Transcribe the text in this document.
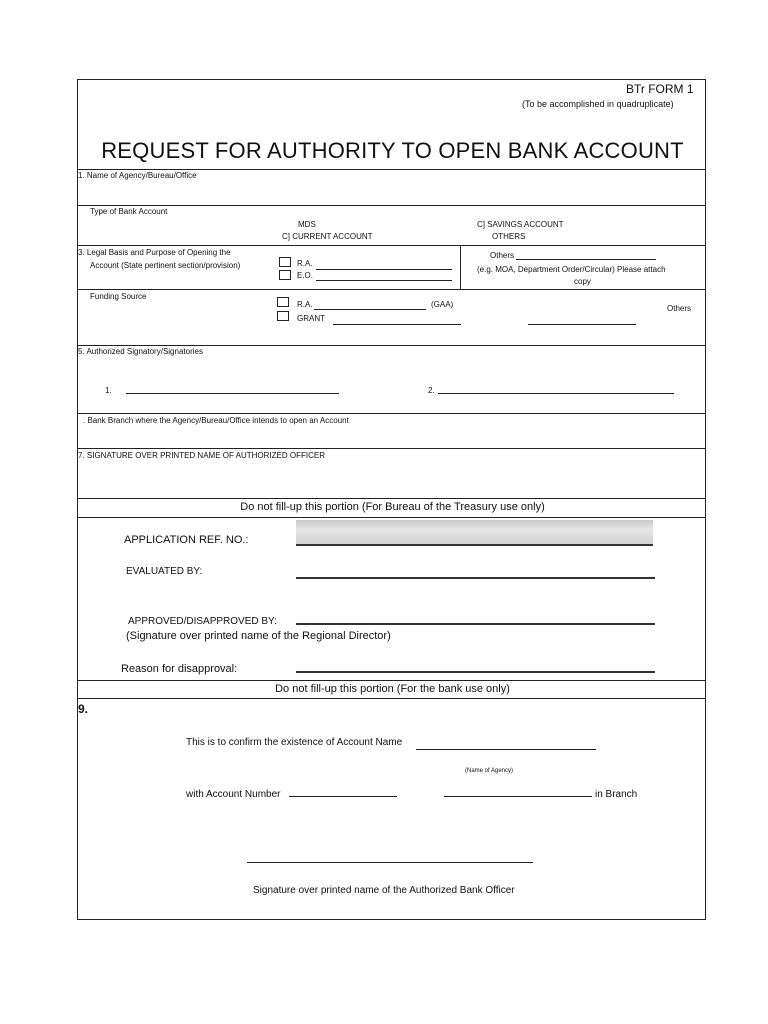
BTr FORM 1
(To be accomplished in quadruplicate)
REQUEST FOR AUTHORITY TO OPEN BANK ACCOUNT
1. Name of Agency/Bureau/Office
Type of Bank Account
MDS
C] CURRENT ACCOUNT
C] SAVINGS ACCOUNT
OTHERS
3. Legal Basis and Purpose of Opening the
Account (State pertinent section/provision)	R.A.
E.O.
Others
(e.g. MOA, Department Order/Circular) Please attach
copy
Funding Source
R.A.	(GAA)
GRANT
Others
5. Authorized Signatory/Signatories
1.	2.
. Bank Branch where the Agency/Bureau/Office intends to open an Account
7. SIGNATURE OVER PRINTED NAME OF AUTHORIZED OFFICER
Do not fill-up this portion (For Bureau of the Treasury use only)
APPLICATION REF. NO.:
EVALUATED BY:
APPROVED/DISAPPROVED BY:
(Signature over printed name of the Regional Director)
Reason for disapproval:
Do not fill-up this portion (For the bank use only)
9.
This is to confirm the existence of Account Name
(Name of Agency)
with Account Number	in Branch
Signature over printed name of the Authorized Bank Officer
